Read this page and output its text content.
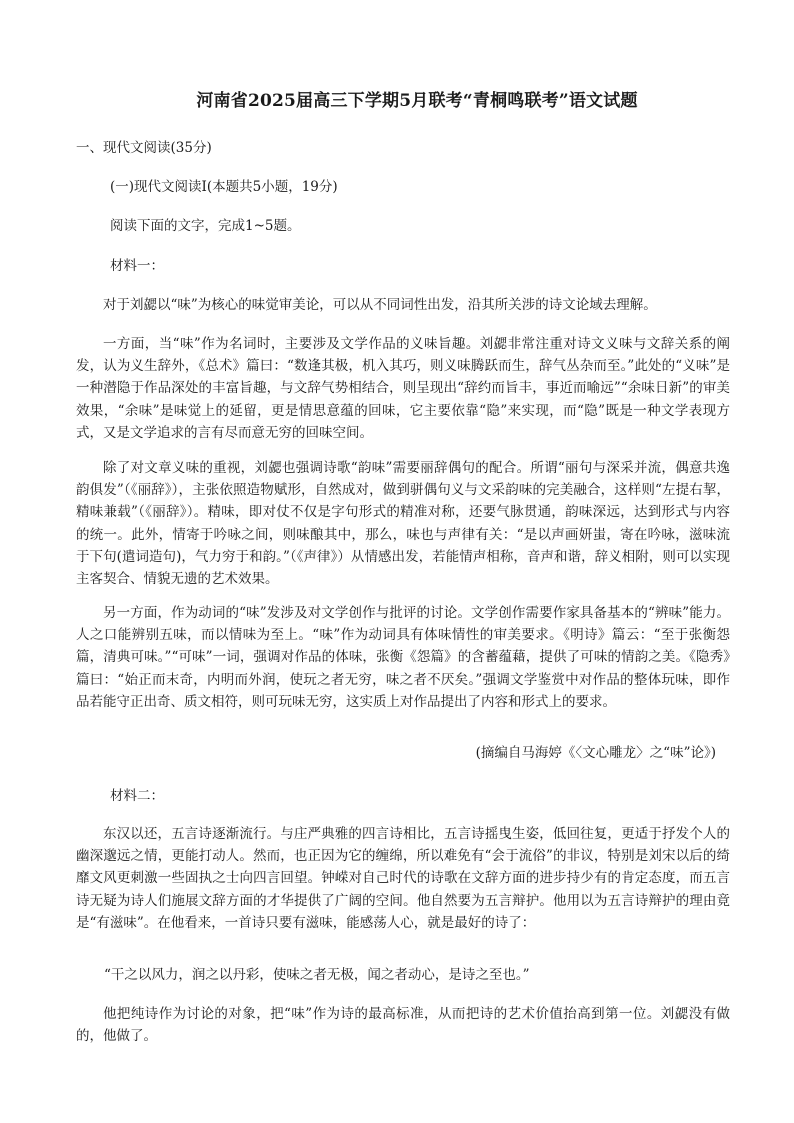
河南省2025届高三下学期5月联考“青桐鸣联考”语文试题
一、现代文阅读(35分)
(一)现代文阅读Ⅰ(本题共5小题，19分)
阅读下面的文字，完成1~5题。
材料一：
对于刘勰以“味”为核心的味觉审美论，可以从不同词性出发，沿其所关涉的诗文论域去理解。
一方面，当“味”作为名词时，主要涉及文学作品的义味旨趣。刘勰非常注重对诗文义味与文辞关系的阐发，认为义生辞外，《总术》篇曰：“数逢其极，机入其巧，则义味腾跃而生，辞气丛杂而至。”此处的“义味”是一种潜隐于作品深处的丰富旨趣，与文辞气势相结合，则呈现出“辞约而旨丰，事近而喻远”“余味日新”的审美效果，“余味”是味觉上的延留，更是情思意蕴的回味，它主要依靠“隐”来实现，而“隐”既是一种文学表现方式，又是文学追求的言有尽而意无穷的回味空间。
除了对文章义味的重视，刘勰也强调诗歌“韵味”需要丽辞偶句的配合。所谓“丽句与深采并流，偶意共逸韵俱发”（《丽辞》），主张依照造物赋形，自然成对，做到骈偶句义与文采韵味的完美融合，这样则“左提右挈，精味兼载”（《丽辞》）。精味，即对仗不仅是字句形式的精准对称，还要气脉贯通，韵味深远，达到形式与内容的统一。此外，情寄于吟咏之间，则味酿其中，那么，味也与声律有关：“是以声画妍蚩，寄在吟咏，滋味流于下句(遣词造句)，气力穷于和韵。”（《声律》）从情感出发，若能情声相称，音声和谐，辞义相附，则可以实现主客契合、情貌无遗的艺术效果。
另一方面，作为动词的“味”发涉及对文学创作与批评的讨论。文学创作需要作家具备基本的“辨味”能力。人之口能辨别五味，而以情味为至上。“味”作为动词具有体味情性的审美要求。《明诗》篇云：“至于张衡怨篇，清典可味。”“可味”一词，强调对作品的体味，张衡《怨篇》的含蓄蕴藉，提供了可味的情韵之美。《隐秀》篇曰：“始正而末奇，内明而外润，使玩之者无穷，味之者不厌矣。”强调文学鉴赏中对作品的整体玩味，即作品若能守正出奇、质文相符，则可玩味无穷，这实质上对作品提出了内容和形式上的要求。
(摘编自马海婷《〈文心雕龙〉之“味”论》)
材料二：
东汉以还，五言诗逐渐流行。与庄严典雅的四言诗相比，五言诗摇曳生姿，低回往复，更适于抒发个人的幽深邈远之情，更能打动人。然而，也正因为它的缠绵，所以难免有“会于流俗”的非议，特别是刘宋以后的绮靡文风更刺激一些固执之士向四言回望。钟嵘对自己时代的诗歌在文辞方面的进步持少有的肯定态度，而五言诗无疑为诗人们施展文辞方面的才华提供了广阔的空间。他自然要为五言辩护。他用以为五言诗辩护的理由竟是“有滋味”。在他看来，一首诗只要有滋味，能感荡人心，就是最好的诗了：
“干之以风力，润之以丹彩，使味之者无极，闻之者动心，是诗之至也。”
他把纯诗作为讨论的对象，把“味”作为诗的最高标准，从而把诗的艺术价值抬高到第一位。刘勰没有做的，他做了。
